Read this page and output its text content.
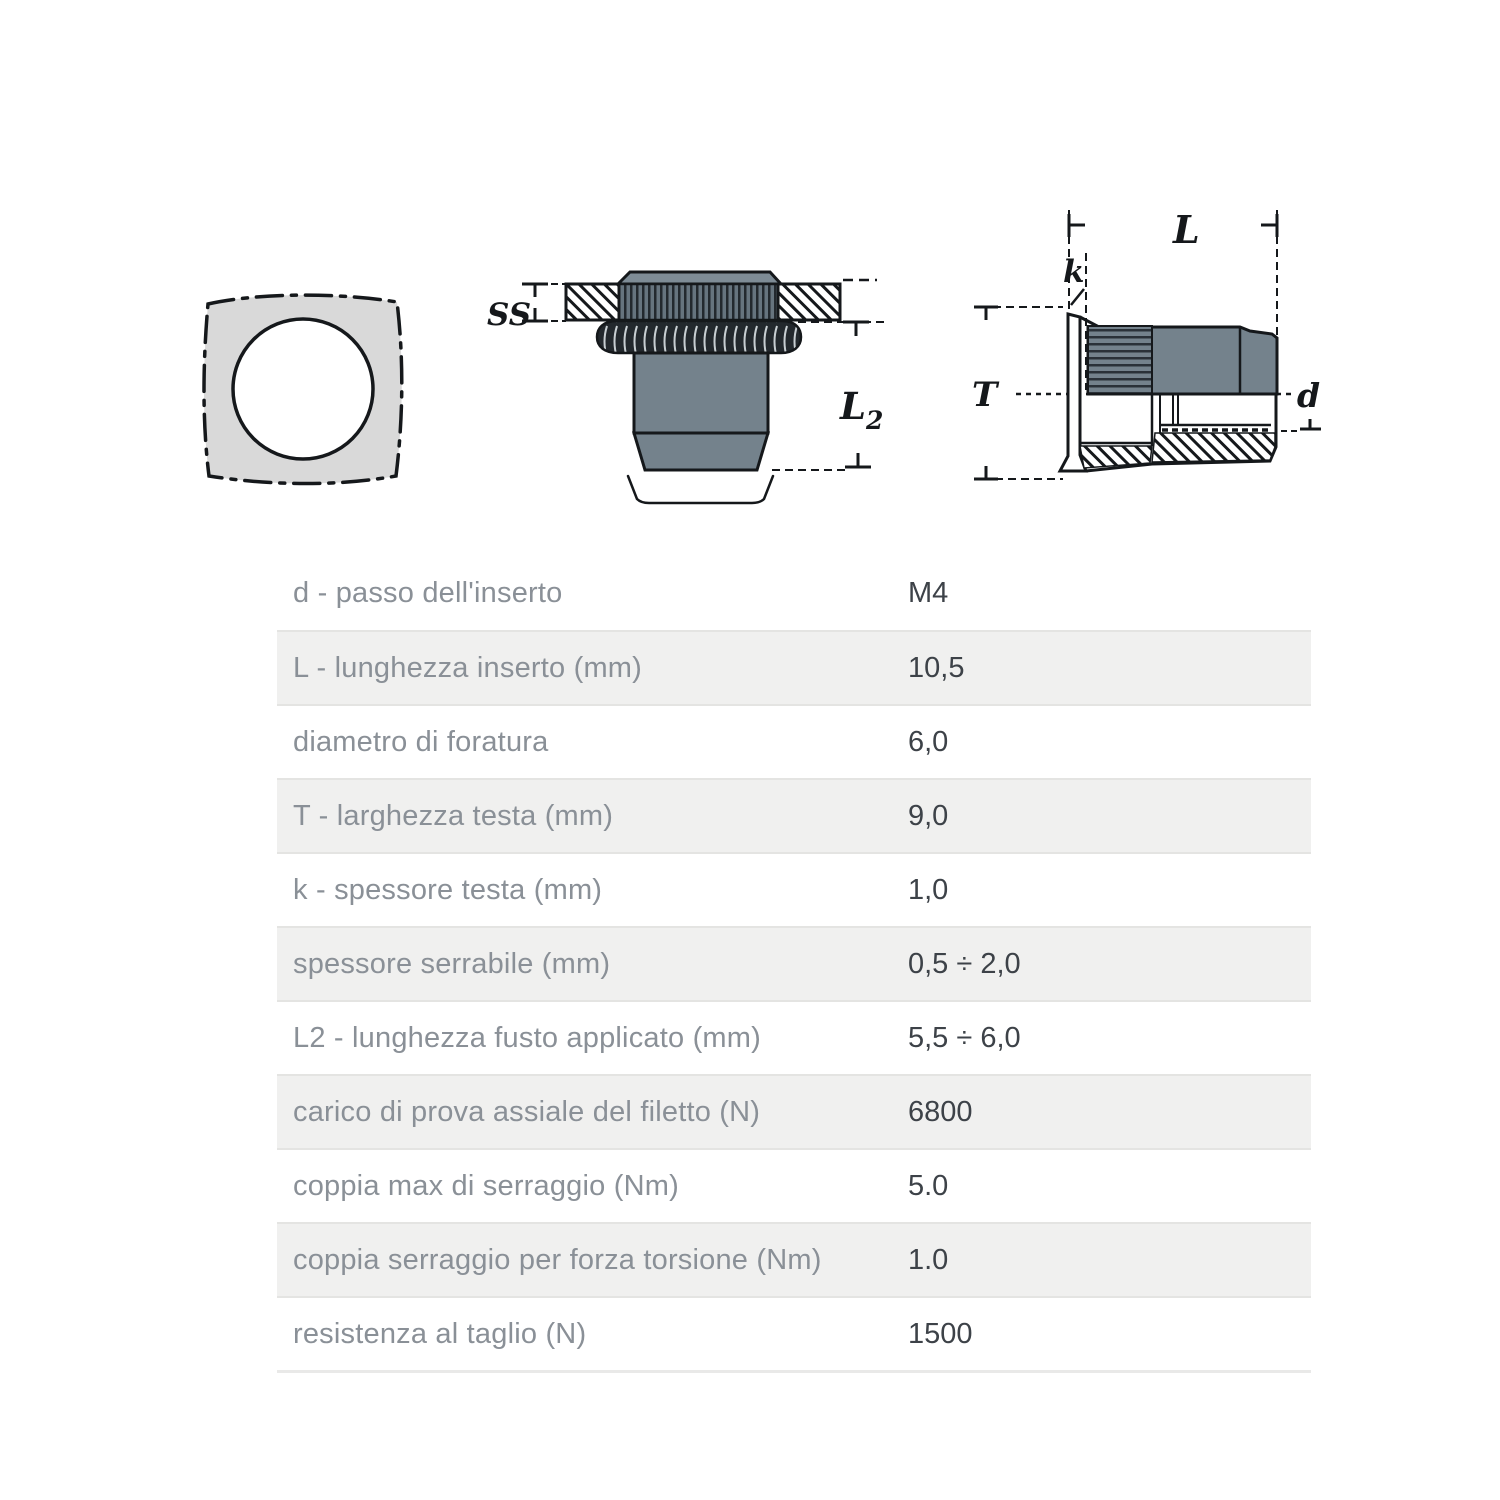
SS
L 2
L
k
T	d
d - passo dell'inserto	M4
L - lunghezza inserto (mm)	10,5
diametro di foratura	6,0
T - larghezza testa (mm)	9,0
k - spessore testa (mm)	1,0
spessore serrabile (mm)	0,5 ÷ 2,0
L2 - lunghezza fusto applicato (mm)	5,5 ÷ 6,0
carico di prova assiale del filetto (N)	6800
coppia max di serraggio (Nm)	5.0
coppia serraggio per forza torsione (Nm)	1.0
resistenza al taglio (N)	1500
